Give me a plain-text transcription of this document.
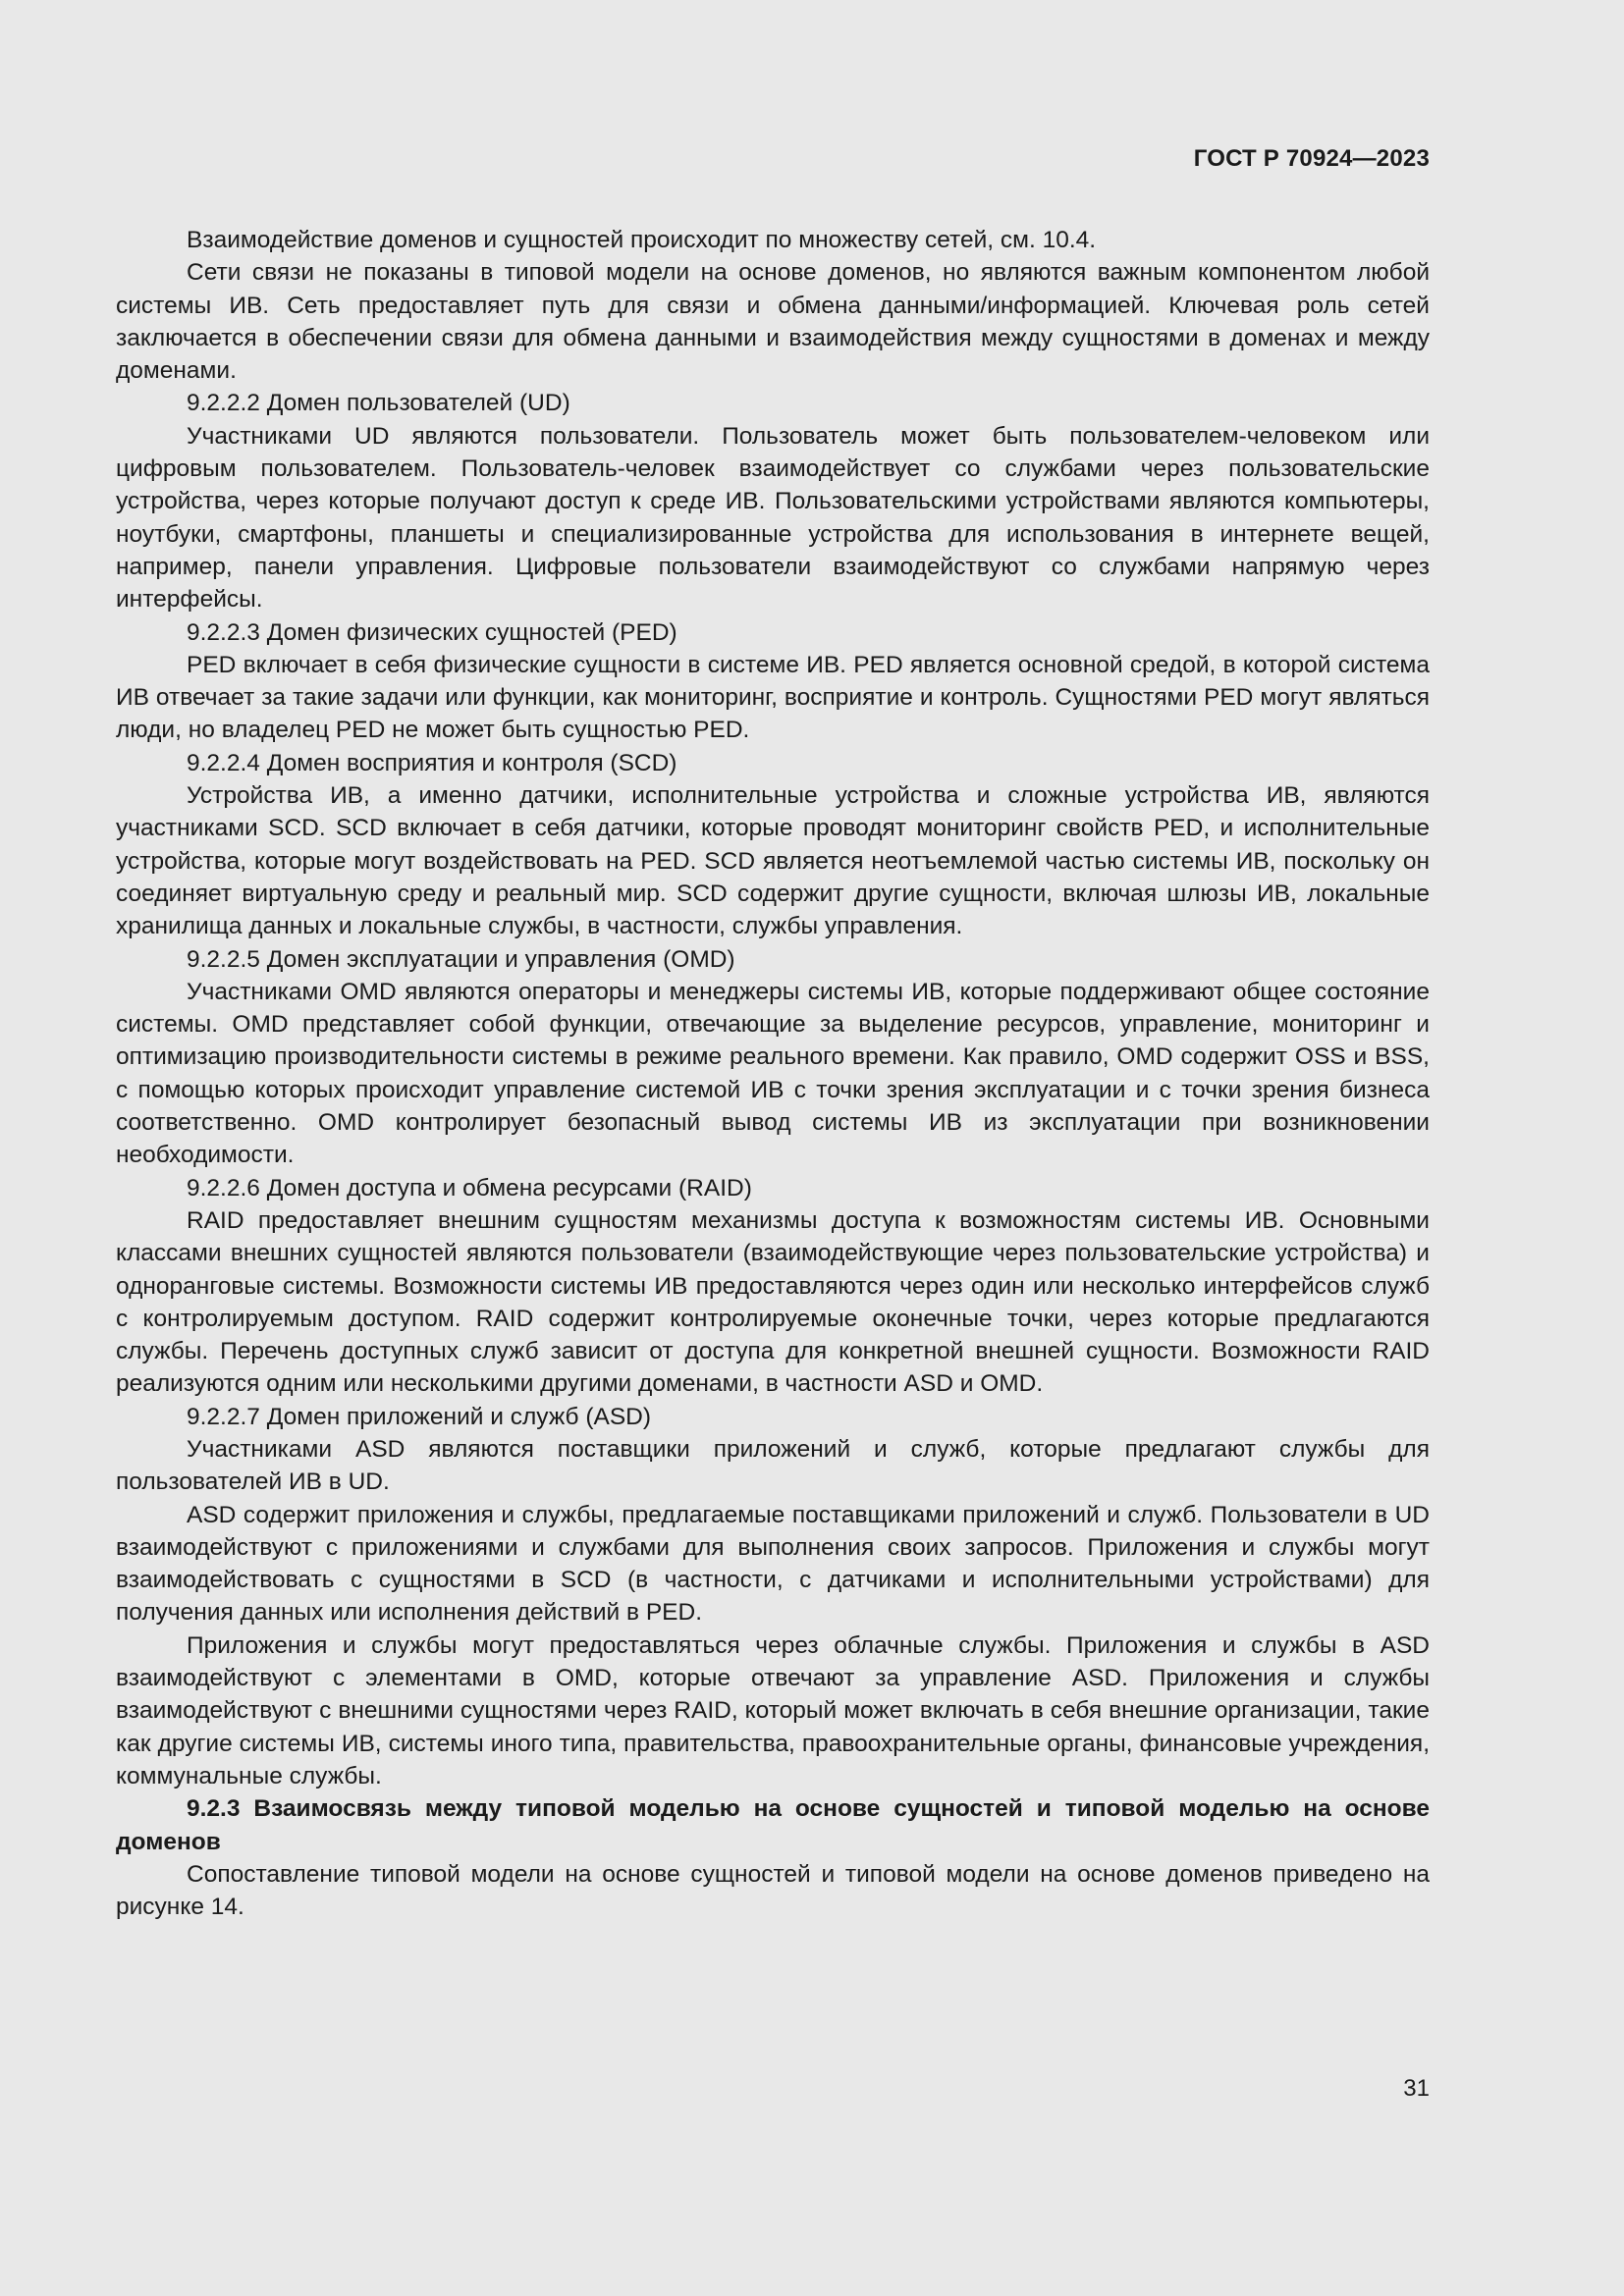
ГОСТ Р 70924—2023

Взаимодействие доменов и сущностей происходит по множеству сетей, см. 10.4.

Сети связи не показаны в типовой модели на основе доменов, но являются важным компонентом любой системы ИВ. Сеть предоставляет путь для связи и обмена данными/информацией. Ключевая роль сетей заключается в обеспечении связи для обмена данными и взаимодействия между сущностями в доменах и между доменами.

9.2.2.2 Домен пользователей (UD)

Участниками UD являются пользователи. Пользователь может быть пользователем-человеком или цифровым пользователем. Пользователь-человек взаимодействует со службами через пользовательские устройства, через которые получают доступ к среде ИВ. Пользовательскими устройствами являются компьютеры, ноутбуки, смартфоны, планшеты и специализированные устройства для использования в интернете вещей, например, панели управления. Цифровые пользователи взаимодействуют со службами напрямую через интерфейсы.

9.2.2.3 Домен физических сущностей (PED)

PED включает в себя физические сущности в системе ИВ. PED является основной средой, в которой система ИВ отвечает за такие задачи или функции, как мониторинг, восприятие и контроль. Сущностями PED могут являться люди, но владелец PED не может быть сущностью PED.

9.2.2.4 Домен восприятия и контроля (SCD)

Устройства ИВ, а именно датчики, исполнительные устройства и сложные устройства ИВ, являются участниками SCD. SCD включает в себя датчики, которые проводят мониторинг свойств PED, и исполнительные устройства, которые могут воздействовать на PED. SCD является неотъемлемой частью системы ИВ, поскольку он соединяет виртуальную среду и реальный мир. SCD содержит другие сущности, включая шлюзы ИВ, локальные хранилища данных и локальные службы, в частности, службы управления.

9.2.2.5 Домен эксплуатации и управления (OMD)

Участниками OMD являются операторы и менеджеры системы ИВ, которые поддерживают общее состояние системы. OMD представляет собой функции, отвечающие за выделение ресурсов, управление, мониторинг и оптимизацию производительности системы в режиме реального времени. Как правило, OMD содержит OSS и BSS, с помощью которых происходит управление системой ИВ с точки зрения эксплуатации и с точки зрения бизнеса соответственно. OMD контролирует безопасный вывод системы ИВ из эксплуатации при возникновении необходимости.

9.2.2.6 Домен доступа и обмена ресурсами (RAID)

RAID предоставляет внешним сущностям механизмы доступа к возможностям системы ИВ. Основными классами внешних сущностей являются пользователи (взаимодействующие через пользовательские устройства) и одноранговые системы. Возможности системы ИВ предоставляются через один или несколько интерфейсов служб с контролируемым доступом. RAID содержит контролируемые оконечные точки, через которые предлагаются службы. Перечень доступных служб зависит от доступа для конкретной внешней сущности. Возможности RAID реализуются одним или несколькими другими доменами, в частности ASD и OMD.

9.2.2.7 Домен приложений и служб (ASD)

Участниками ASD являются поставщики приложений и служб, которые предлагают службы для пользователей ИВ в UD.

ASD содержит приложения и службы, предлагаемые поставщиками приложений и служб. Пользователи в UD взаимодействуют с приложениями и службами для выполнения своих запросов. Приложения и службы могут взаимодействовать с сущностями в SCD (в частности, с датчиками и исполнительными устройствами) для получения данных или исполнения действий в PED.

Приложения и службы могут предоставляться через облачные службы. Приложения и службы в ASD взаимодействуют с элементами в OMD, которые отвечают за управление ASD. Приложения и службы взаимодействуют с внешними сущностями через RAID, который может включать в себя внешние организации, такие как другие системы ИВ, системы иного типа, правительства, правоохранительные органы, финансовые учреждения, коммунальные службы.

9.2.3 Взаимосвязь между типовой моделью на основе сущностей и типовой моделью на основе доменов

Сопоставление типовой модели на основе сущностей и типовой модели на основе доменов приведено на рисунке 14.

31
